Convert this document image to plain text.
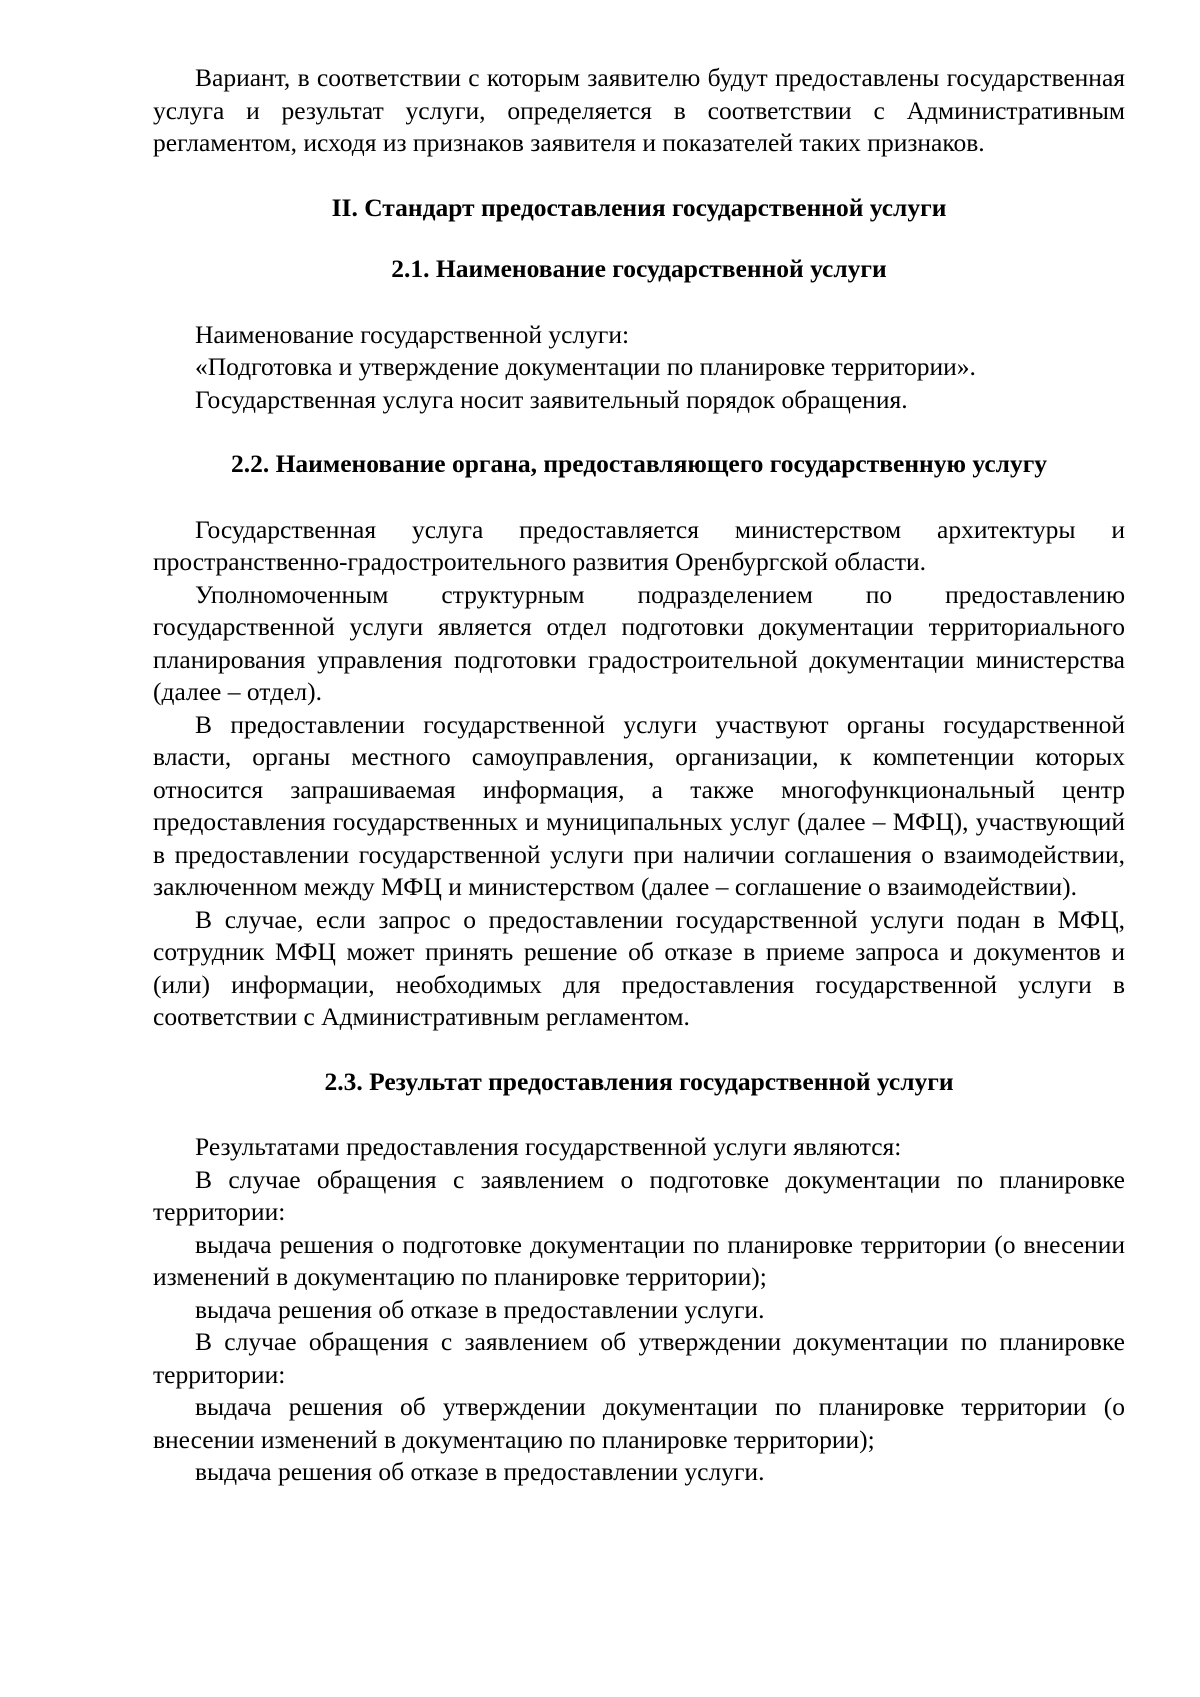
Вариант, в соответствии с которым заявителю будут предоставлены государственная услуга и результат услуги, определяется в соответствии с Административным регламентом, исходя из признаков заявителя и показателей таких признаков.

II. Стандарт предоставления государственной услуги

2.1. Наименование государственной услуги

Наименование государственной услуги:

«Подготовка и утверждение документации по планировке территории».

Государственная услуга носит заявительный порядок обращения.

2.2. Наименование органа, предоставляющего государственную услугу

Государственная услуга предоставляется министерством архитектуры и пространственно-градостроительного развития Оренбургской области.

Уполномоченным структурным подразделением по предоставлению государственной услуги является отдел подготовки документации территориального планирования управления подготовки градостроительной документации министерства (далее – отдел).

В предоставлении государственной услуги участвуют органы государственной власти, органы местного самоуправления, организации, к компетенции которых относится запрашиваемая информация, а также многофункциональный центр предоставления государственных и муниципальных услуг (далее – МФЦ), участвующий в предоставлении государственной услуги при наличии соглашения о взаимодействии, заключенном между МФЦ и министерством (далее – соглашение о взаимодействии).

В случае, если запрос о предоставлении государственной услуги подан в МФЦ, сотрудник МФЦ может принять решение об отказе в приеме запроса и документов и (или) информации, необходимых для предоставления государственной услуги в соответствии с Административным регламентом.

2.3. Результат предоставления государственной услуги

Результатами предоставления государственной услуги являются:

В случае обращения с заявлением о подготовке документации по планировке территории:

выдача решения о подготовке документации по планировке территории (о внесении изменений в документацию по планировке территории);

выдача решения об отказе в предоставлении услуги.

В случае обращения с заявлением об утверждении документации по планировке территории:

выдача решения об утверждении документации по планировке территории (о внесении изменений в документацию по планировке территории);

выдача решения об отказе в предоставлении услуги.
